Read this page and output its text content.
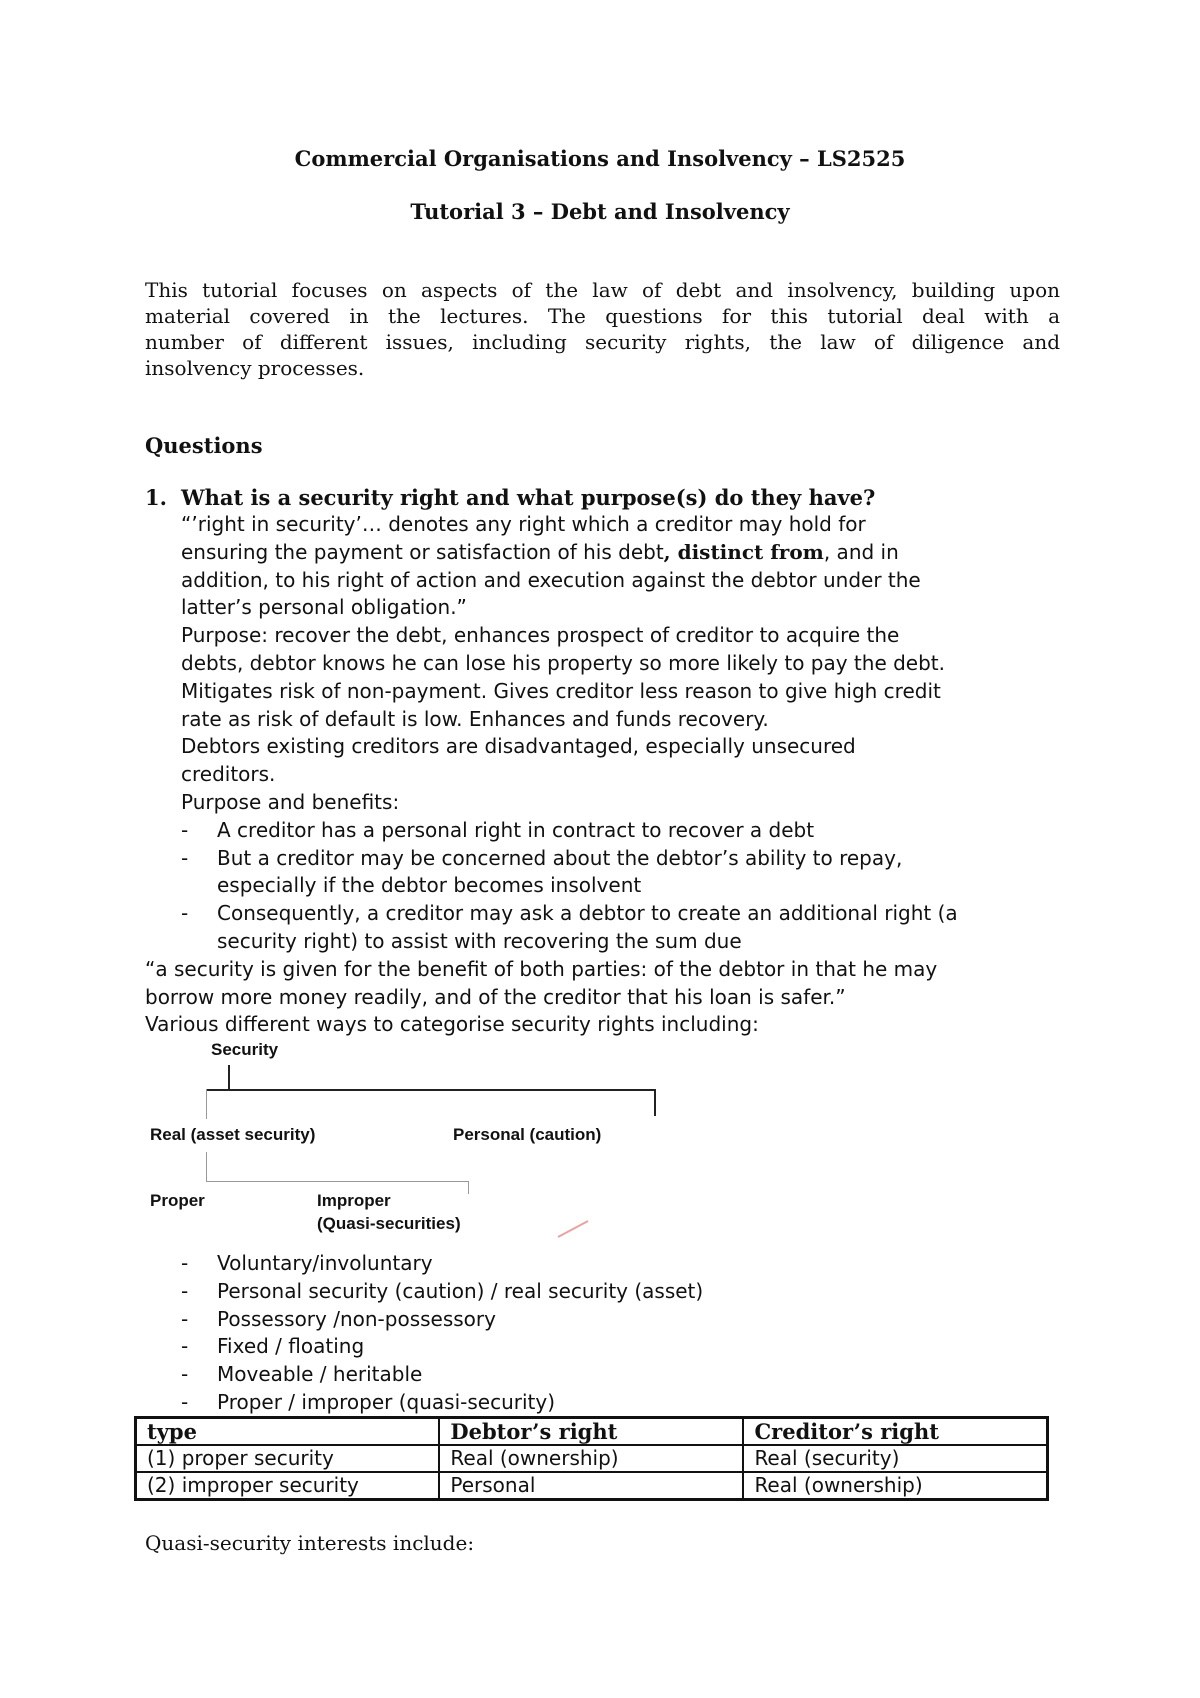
Commercial Organisations and Insolvency – LS2525
Tutorial 3 – Debt and Insolvency
This tutorial focuses on aspects of the law of debt and insolvency, building upon
material covered in the lectures. The questions for this tutorial deal with a
number of different issues, including security rights, the law of diligence and
insolvency processes.
Questions
1. What is a security right and what purpose(s) do they have?
“’right in security’… denotes any right which a creditor may hold for
ensuring the payment or satisfaction of his debt, distinct from, and in
addition, to his right of action and execution against the debtor under the
latter’s personal obligation.”
Purpose: recover the debt, enhances prospect of creditor to acquire the
debts, debtor knows he can lose his property so more likely to pay the debt.
Mitigates risk of non-payment. Gives creditor less reason to give high credit
rate as risk of default is low. Enhances and funds recovery.
Debtors existing creditors are disadvantaged, especially unsecured
creditors.
Purpose and benefits:
- A creditor has a personal right in contract to recover a debt
- But a creditor may be concerned about the debtor’s ability to repay,
especially if the debtor becomes insolvent
- Consequently, a creditor may ask a debtor to create an additional right (a
security right) to assist with recovering the sum due
“a security is given for the benefit of both parties: of the debtor in that he may
borrow more money readily, and of the creditor that his loan is safer.”
Various different ways to categorise security rights including:
Security
Real (asset security)	Personal (caution)
Proper	Improper
(Quasi-securities)
- Voluntary/involuntary
- Personal security (caution) / real security (asset)
- Possessory /non-possessory
- Fixed / floating
- Moveable / heritable
- Proper / improper (quasi-security)
type	Debtor’s right	Creditor’s right
(1) proper security	Real (ownership)	Real (security)
(2) improper security	Personal	Real (ownership)
Quasi-security interests include:
